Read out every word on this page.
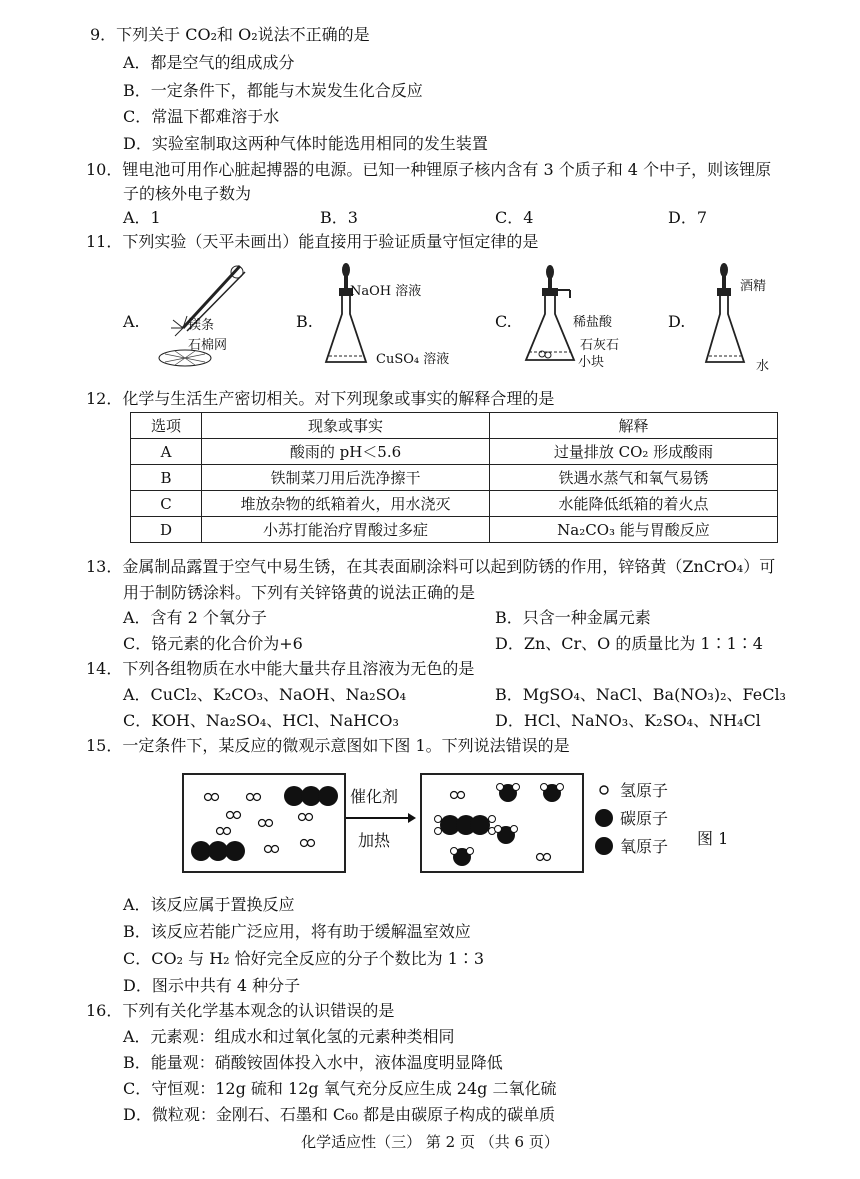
9．下列关于 CO₂和 O₂说法不正确的是
A．都是空气的组成成分
B．一定条件下，都能与木炭发生化合反应
C．常温下都难溶于水
D．实验室制取这两种气体时能选用相同的发生装置
10．锂电池可用作心脏起搏器的电源。已知一种锂原子核内含有 3 个质子和 4 个中子，则该锂原
子的核外电子数为
A．1	B．3	C．4	D．7
11．下列实验（天平未画出）能直接用于验证质量守恒定律的是
A.	B.	C.	D.
镁条
石棉网
NaOH 溶液
CuSO₄ 溶液
稀盐酸
石灰石
小块
酒精
水
12．化学与生活生产密切相关。对下列现象或事实的解释合理的是
选项	现象或事实	解释
A	酸雨的 pH＜5.6	过量排放 CO₂ 形成酸雨
B	铁制菜刀用后洗净擦干	铁遇水蒸气和氧气易锈
C	堆放杂物的纸箱着火，用水浇灭	水能降低纸箱的着火点
D	小苏打能治疗胃酸过多症	Na₂CO₃ 能与胃酸反应
13．金属制品露置于空气中易生锈，在其表面刷涂料可以起到防锈的作用，锌铬黄（ZnCrO₄）可
用于制防锈涂料。下列有关锌铬黄的说法正确的是
A．含有 2 个氧分子	B．只含一种金属元素
C．铬元素的化合价为+6	D．Zn、Cr、O 的质量比为 1∶1∶4
14．下列各组物质在水中能大量共存且溶液为无色的是
A．CuCl₂、K₂CO₃、NaOH、Na₂SO₄	B．MgSO₄、NaCl、Ba(NO₃)₂、FeCl₃
C．KOH、Na₂SO₄、HCl、NaHCO₃	D．HCl、NaNO₃、K₂SO₄、NH₄Cl
15．一定条件下，某反应的微观示意图如下图 1。下列说法错误的是
催化剂
加热
氢原子
碳原子
氧原子 图 1
A．该反应属于置换反应
B．该反应若能广泛应用，将有助于缓解温室效应
C．CO₂ 与 H₂ 恰好完全反应的分子个数比为 1∶3
D．图示中共有 4 种分子
16．下列有关化学基本观念的认识错误的是
A．元素观：组成水和过氧化氢的元素种类相同
B．能量观：硝酸铵固体投入水中，液体温度明显降低
C．守恒观：12g 硫和 12g 氧气充分反应生成 24g 二氧化硫
D．微粒观：金刚石、石墨和 C₆₀ 都是由碳原子构成的碳单质
化学适应性（三） 第 2 页 （共 6 页）
